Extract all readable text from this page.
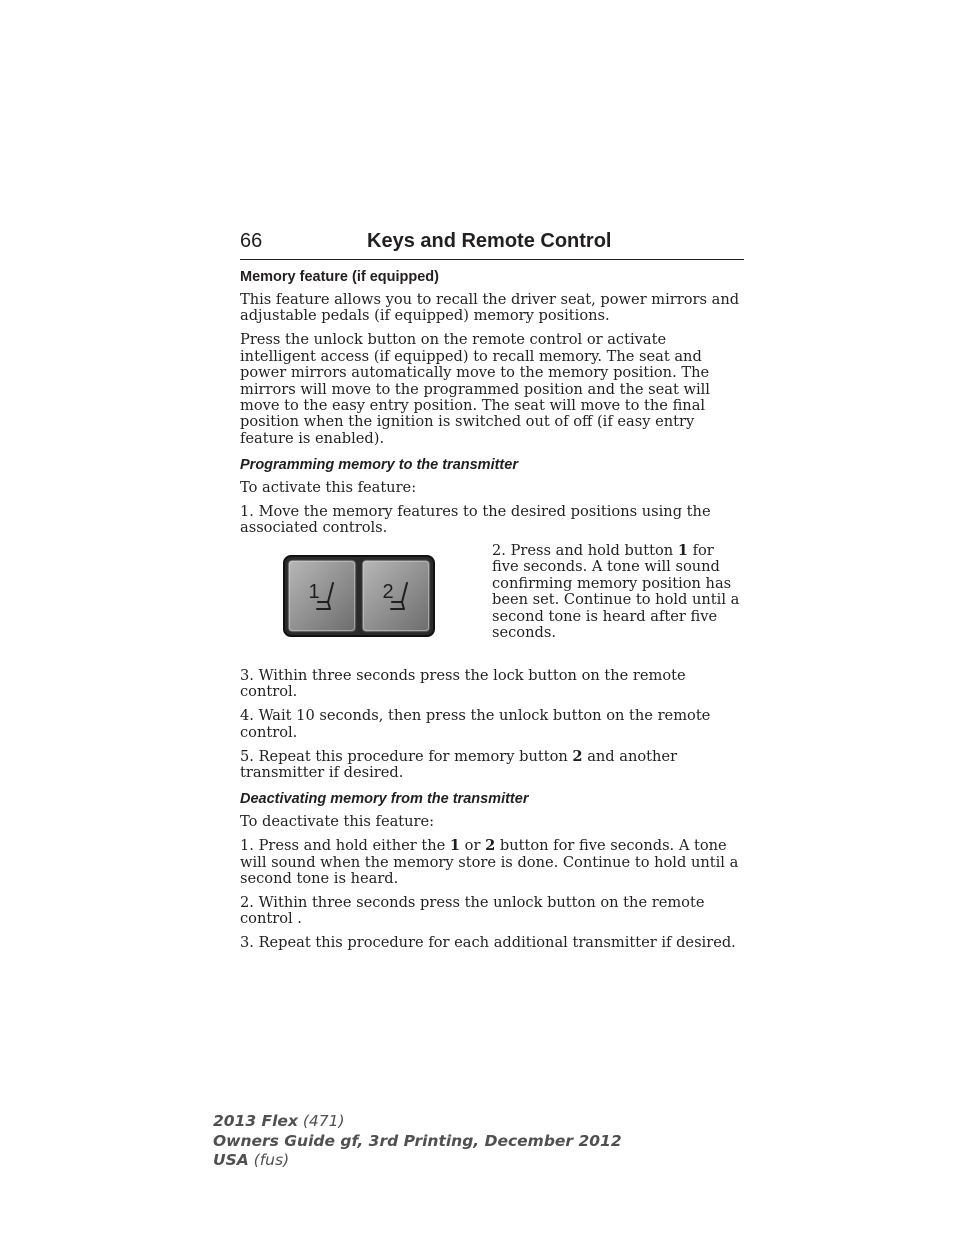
66	Keys and Remote Control
Memory feature (if equipped)

This feature allows you to recall the driver seat, power mirrors and adjustable pedals (if equipped) memory positions.

Press the unlock button on the remote control or activate intelligent access (if equipped) to recall memory. The seat and power mirrors automatically move to the memory position. The mirrors will move to the programmed position and the seat will move to the easy entry position. The seat will move to the final position when the ignition is switched out of off (if easy entry feature is enabled).

Programming memory to the transmitter

To activate this feature:

1. Move the memory features to the desired positions using the associated controls.

1	2

2. Press and hold button 1 for five seconds. A tone will sound confirming memory position has been set. Continue to hold until a second tone is heard after five seconds.

3. Within three seconds press the lock button on the remote control.

4. Wait 10 seconds, then press the unlock button on the remote control.

5. Repeat this procedure for memory button 2 and another transmitter if desired.

Deactivating memory from the transmitter

To deactivate this feature:

1. Press and hold either the 1 or 2 button for five seconds. A tone will sound when the memory store is done. Continue to hold until a second tone is heard.

2. Within three seconds press the unlock button on the remote control .

3. Repeat this procedure for each additional transmitter if desired.

2013 Flex (471)
Owners Guide gf, 3rd Printing, December 2012
USA (fus)
